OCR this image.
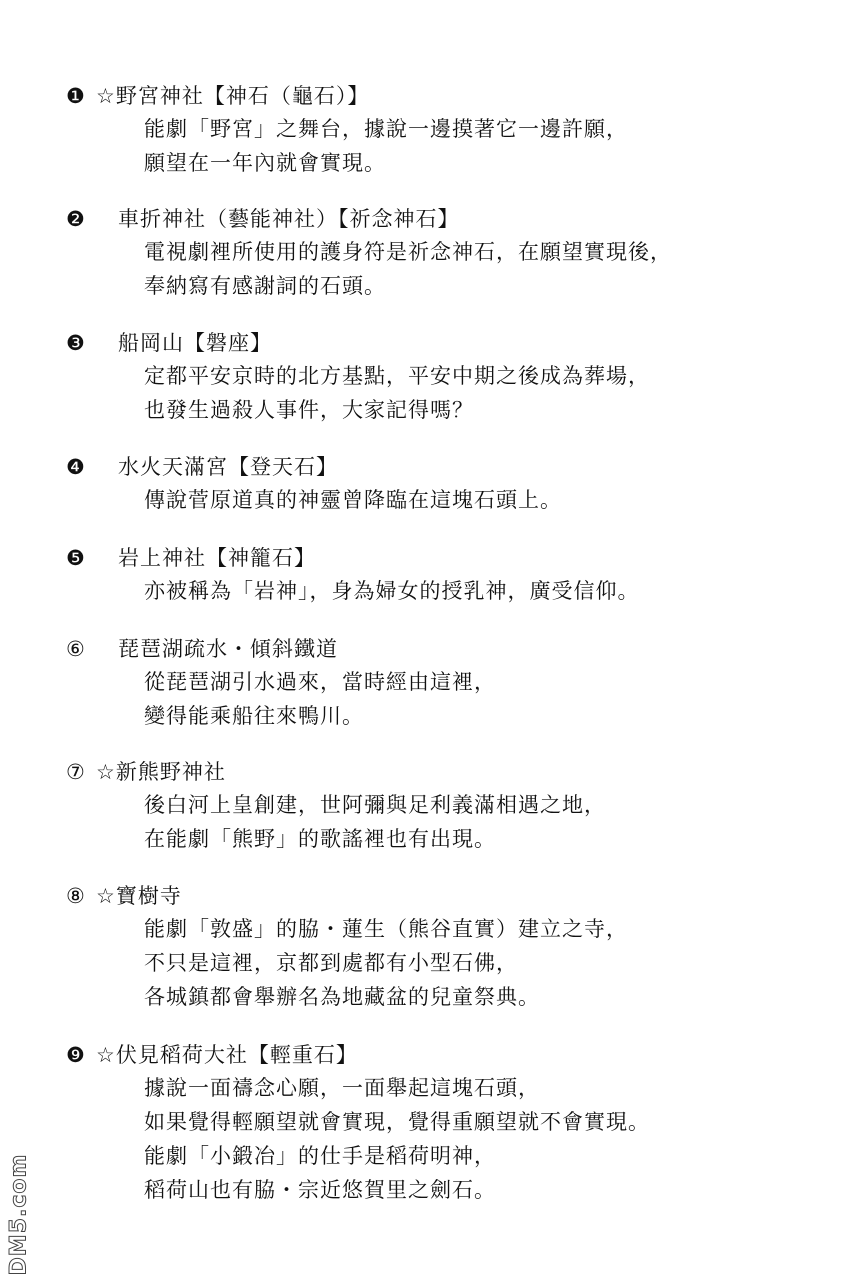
❶ ☆ 野宮神社【神石（龜石）】
能劇「野宮」之舞台，據說一邊摸著它一邊許願，
願望在一年內就會實現。
❷	車折神社（藝能神社）【祈念神石】
電視劇裡所使用的護身符是祈念神石，在願望實現後，
奉納寫有感謝詞的石頭。
❸	船岡山【磐座】
定都平安京時的北方基點，平安中期之後成為葬場，
也發生過殺人事件，大家記得嗎？
❹	水火天滿宮【登天石】
傳說菅原道真的神靈曾降臨在這塊石頭上。
❺	岩上神社【神籠石】
亦被稱為「岩神」，身為婦女的授乳神，廣受信仰。
⑥	琵琶湖疏水・傾斜鐵道
從琵琶湖引水過來，當時經由這裡，
變得能乘船往來鴨川。
⑦ ☆ 新熊野神社
後白河上皇創建，世阿彌與足利義滿相遇之地，
在能劇「熊野」的歌謠裡也有出現。
⑧ ☆ 寶樹寺
能劇「敦盛」的脇・蓮生（熊谷直實）建立之寺，
不只是這裡，京都到處都有小型石佛，
各城鎮都會舉辦名為地藏盆的兒童祭典。
❾ ☆ 伏見稻荷大社【輕重石】
據說一面禱念心願，一面舉起這塊石頭，
如果覺得輕願望就會實現，覺得重願望就不會實現。
能劇「小鍛冶」的仕手是稻荷明神，
稻荷山也有脇・宗近悠賀里之劍石。
DM5.com
